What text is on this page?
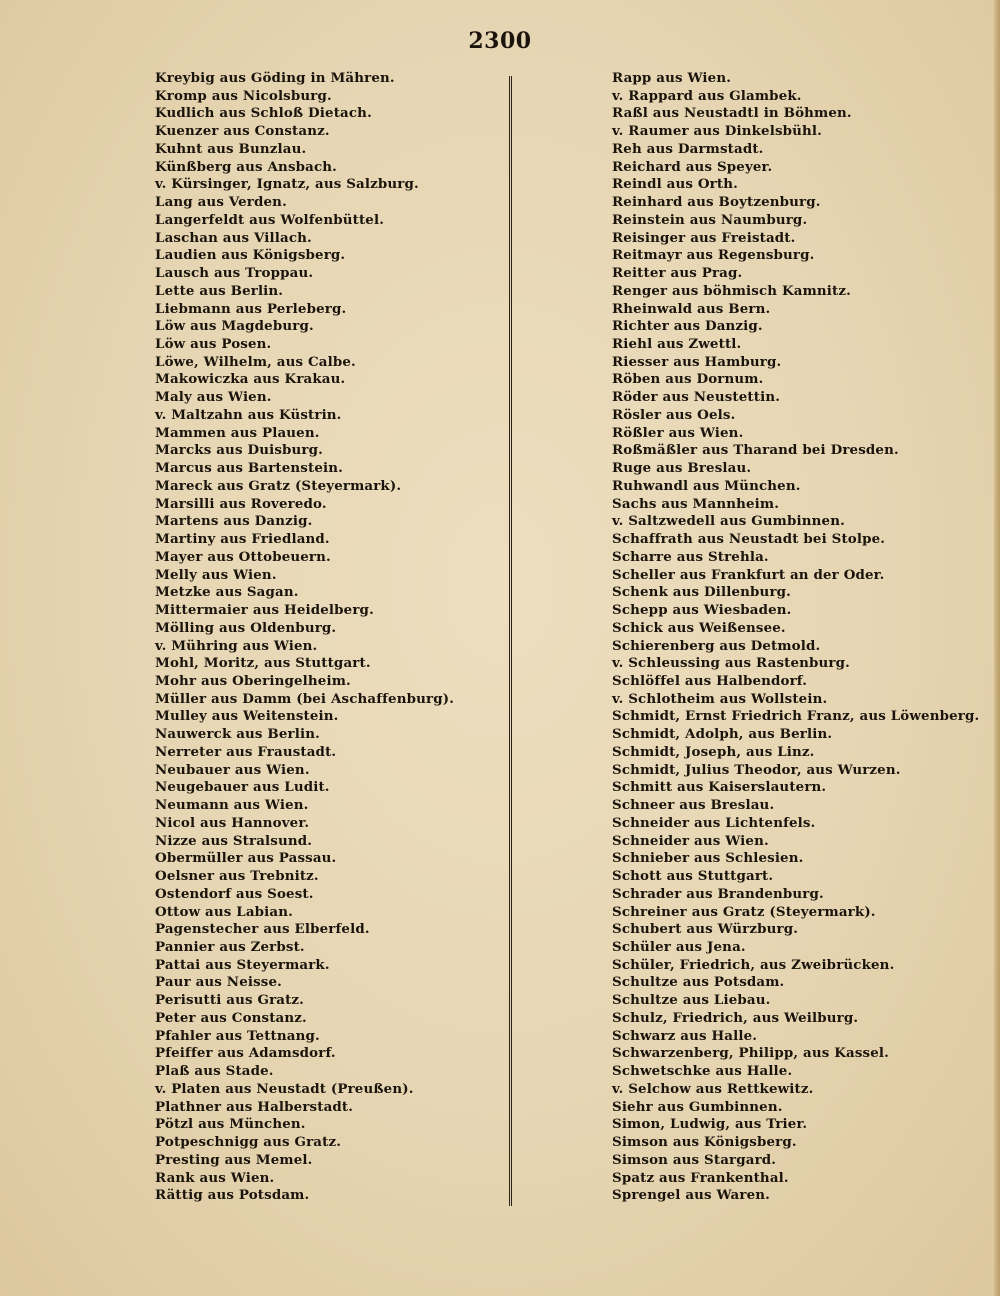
2300
Kreybig aus Göding in Mähren.
Kromp aus Nicolsburg.
Kudlich aus Schloß Dietach.
Kuenzer aus Constanz.
Kuhnt aus Bunzlau.
Künßberg aus Ansbach.
v. Kürsinger, Ignatz, aus Salzburg.
Lang aus Verden.
Langerfeldt aus Wolfenbüttel.
Laschan aus Villach.
Laudien aus Königsberg.
Lausch aus Troppau.
Lette aus Berlin.
Liebmann aus Perleberg.
Löw aus Magdeburg.
Löw aus Posen.
Löwe, Wilhelm, aus Calbe.
Makowiczka aus Krakau.
Maly aus Wien.
v. Maltzahn aus Küstrin.
Mammen aus Plauen.
Marcks aus Duisburg.
Marcus aus Bartenstein.
Mareck aus Gratz (Steyermark).
Marsilli aus Roveredo.
Martens aus Danzig.
Martiny aus Friedland.
Mayer aus Ottobeuern.
Melly aus Wien.
Metzke aus Sagan.
Mittermaier aus Heidelberg.
Mölling aus Oldenburg.
v. Mühring aus Wien.
Mohl, Moritz, aus Stuttgart.
Mohr aus Oberingelheim.
Müller aus Damm (bei Aschaffenburg).
Mulley aus Weitenstein.
Nauwerck aus Berlin.
Nerreter aus Fraustadt.
Neubauer aus Wien.
Neugebauer aus Ludit.
Neumann aus Wien.
Nicol aus Hannover.
Nizze aus Stralsund.
Obermüller aus Passau.
Oelsner aus Trebnitz.
Ostendorf aus Soest.
Ottow aus Labian.
Pagenstecher aus Elberfeld.
Pannier aus Zerbst.
Pattai aus Steyermark.
Paur aus Neisse.
Perisutti aus Gratz.
Peter aus Constanz.
Pfahler aus Tettnang.
Pfeiffer aus Adamsdorf.
Plaß aus Stade.
v. Platen aus Neustadt (Preußen).
Plathner aus Halberstadt.
Pötzl aus München.
Potpeschnigg aus Gratz.
Presting aus Memel.
Rank aus Wien.
Rättig aus Potsdam.
Rapp aus Wien.
v. Rappard aus Glambek.
Raßl aus Neustadtl in Böhmen.
v. Raumer aus Dinkelsbühl.
Reh aus Darmstadt.
Reichard aus Speyer.
Reindl aus Orth.
Reinhard aus Boytzenburg.
Reinstein aus Naumburg.
Reisinger aus Freistadt.
Reitmayr aus Regensburg.
Reitter aus Prag.
Renger aus böhmisch Kamnitz.
Rheinwald aus Bern.
Richter aus Danzig.
Riehl aus Zwettl.
Riesser aus Hamburg.
Röben aus Dornum.
Röder aus Neustettin.
Rösler aus Oels.
Rößler aus Wien.
Roßmäßler aus Tharand bei Dresden.
Ruge aus Breslau.
Ruhwandl aus München.
Sachs aus Mannheim.
v. Saltzwedell aus Gumbinnen.
Schaffrath aus Neustadt bei Stolpe.
Scharre aus Strehla.
Scheller aus Frankfurt an der Oder.
Schenk aus Dillenburg.
Schepp aus Wiesbaden.
Schick aus Weißensee.
Schierenberg aus Detmold.
v. Schleussing aus Rastenburg.
Schlöffel aus Halbendorf.
v. Schlotheim aus Wollstein.
Schmidt, Ernst Friedrich Franz, aus Löwenberg.
Schmidt, Adolph, aus Berlin.
Schmidt, Joseph, aus Linz.
Schmidt, Julius Theodor, aus Wurzen.
Schmitt aus Kaiserslautern.
Schneer aus Breslau.
Schneider aus Lichtenfels.
Schneider aus Wien.
Schnieber aus Schlesien.
Schott aus Stuttgart.
Schrader aus Brandenburg.
Schreiner aus Gratz (Steyermark).
Schubert aus Würzburg.
Schüler aus Jena.
Schüler, Friedrich, aus Zweibrücken.
Schultze aus Potsdam.
Schultze aus Liebau.
Schulz, Friedrich, aus Weilburg.
Schwarz aus Halle.
Schwarzenberg, Philipp, aus Kassel.
Schwetschke aus Halle.
v. Selchow aus Rettkewitz.
Siehr aus Gumbinnen.
Simon, Ludwig, aus Trier.
Simson aus Königsberg.
Simson aus Stargard.
Spatz aus Frankenthal.
Sprengel aus Waren.
